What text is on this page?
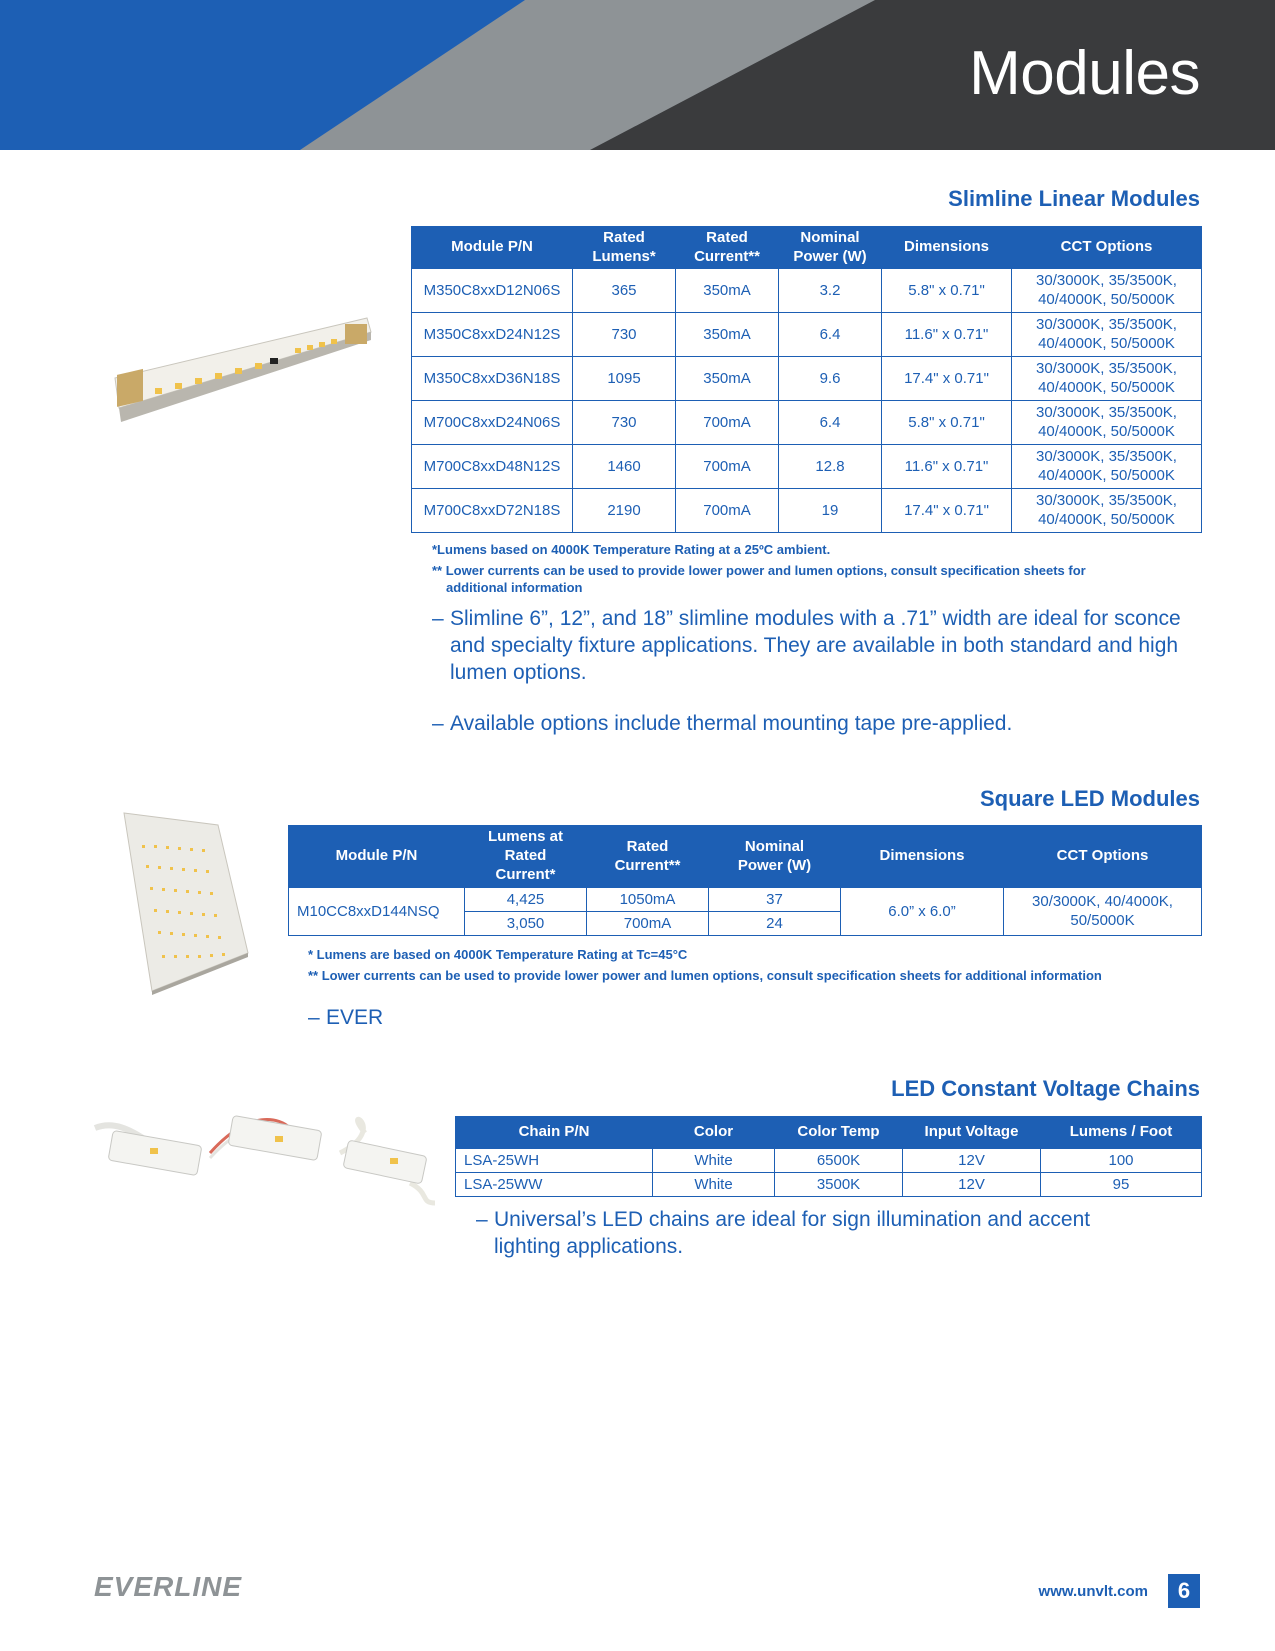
Modules
Slimline Linear Modules
Module P/N	Rated Lumens*	Rated Current**	Nominal Power (W)	Dimensions	CCT Options
M350C8xxD12N06S	365	350mA	3.2	5.8" x 0.71"	30/3000K, 35/3500K,
40/4000K, 50/5000K
M350C8xxD24N12S	730	350mA	6.4	11.6" x 0.71"	30/3000K, 35/3500K,
40/4000K, 50/5000K
M350C8xxD36N18S	1095	350mA	9.6	17.4" x 0.71"	30/3000K, 35/3500K,
40/4000K, 50/5000K
M700C8xxD24N06S	730	700mA	6.4	5.8" x 0.71"	30/3000K, 35/3500K,
40/4000K, 50/5000K
M700C8xxD48N12S	1460	700mA	12.8	11.6" x 0.71"	30/3000K, 35/3500K,
40/4000K, 50/5000K
M700C8xxD72N18S	2190	700mA	19	17.4" x 0.71"	30/3000K, 35/3500K,
40/4000K, 50/5000K
*Lumens based on 4000K Temperature Rating at a 25ºC ambient.
** Lower currents can be used to provide lower power and lumen options, consult specification sheets for
additional information
– Slimline 6”, 12”, and 18” slimline modules with a .71” width are ideal for sconce and specialty fixture applications. They are available in both standard and high lumen options.
– Available options include thermal mounting tape pre-applied.
Square LED Modules
Module P/N	Lumens at Rated Current*	Rated Current**	Nominal Power (W)	Dimensions	CCT Options
M10CC8xxD144NSQ	4,425	1050mA	37	6.0” x 6.0”	30/3000K, 40/4000K, 50/5000K
	3,050	700mA	24		
* Lumens are based on 4000K Temperature Rating at Tc=45°C
** Lower currents can be used to provide lower power and lumen options, consult specification sheets for additional information
– EVER
LED Constant Voltage Chains
Chain P/N	Color	Color Temp	Input Voltage	Lumens / Foot
LSA-25WH	White	6500K	12V	100
LSA-25WW	White	3500K	12V	95
– Universal’s LED chains are ideal for sign illumination and accent lighting applications.
EVERLINE	www.unvlt.com	6
